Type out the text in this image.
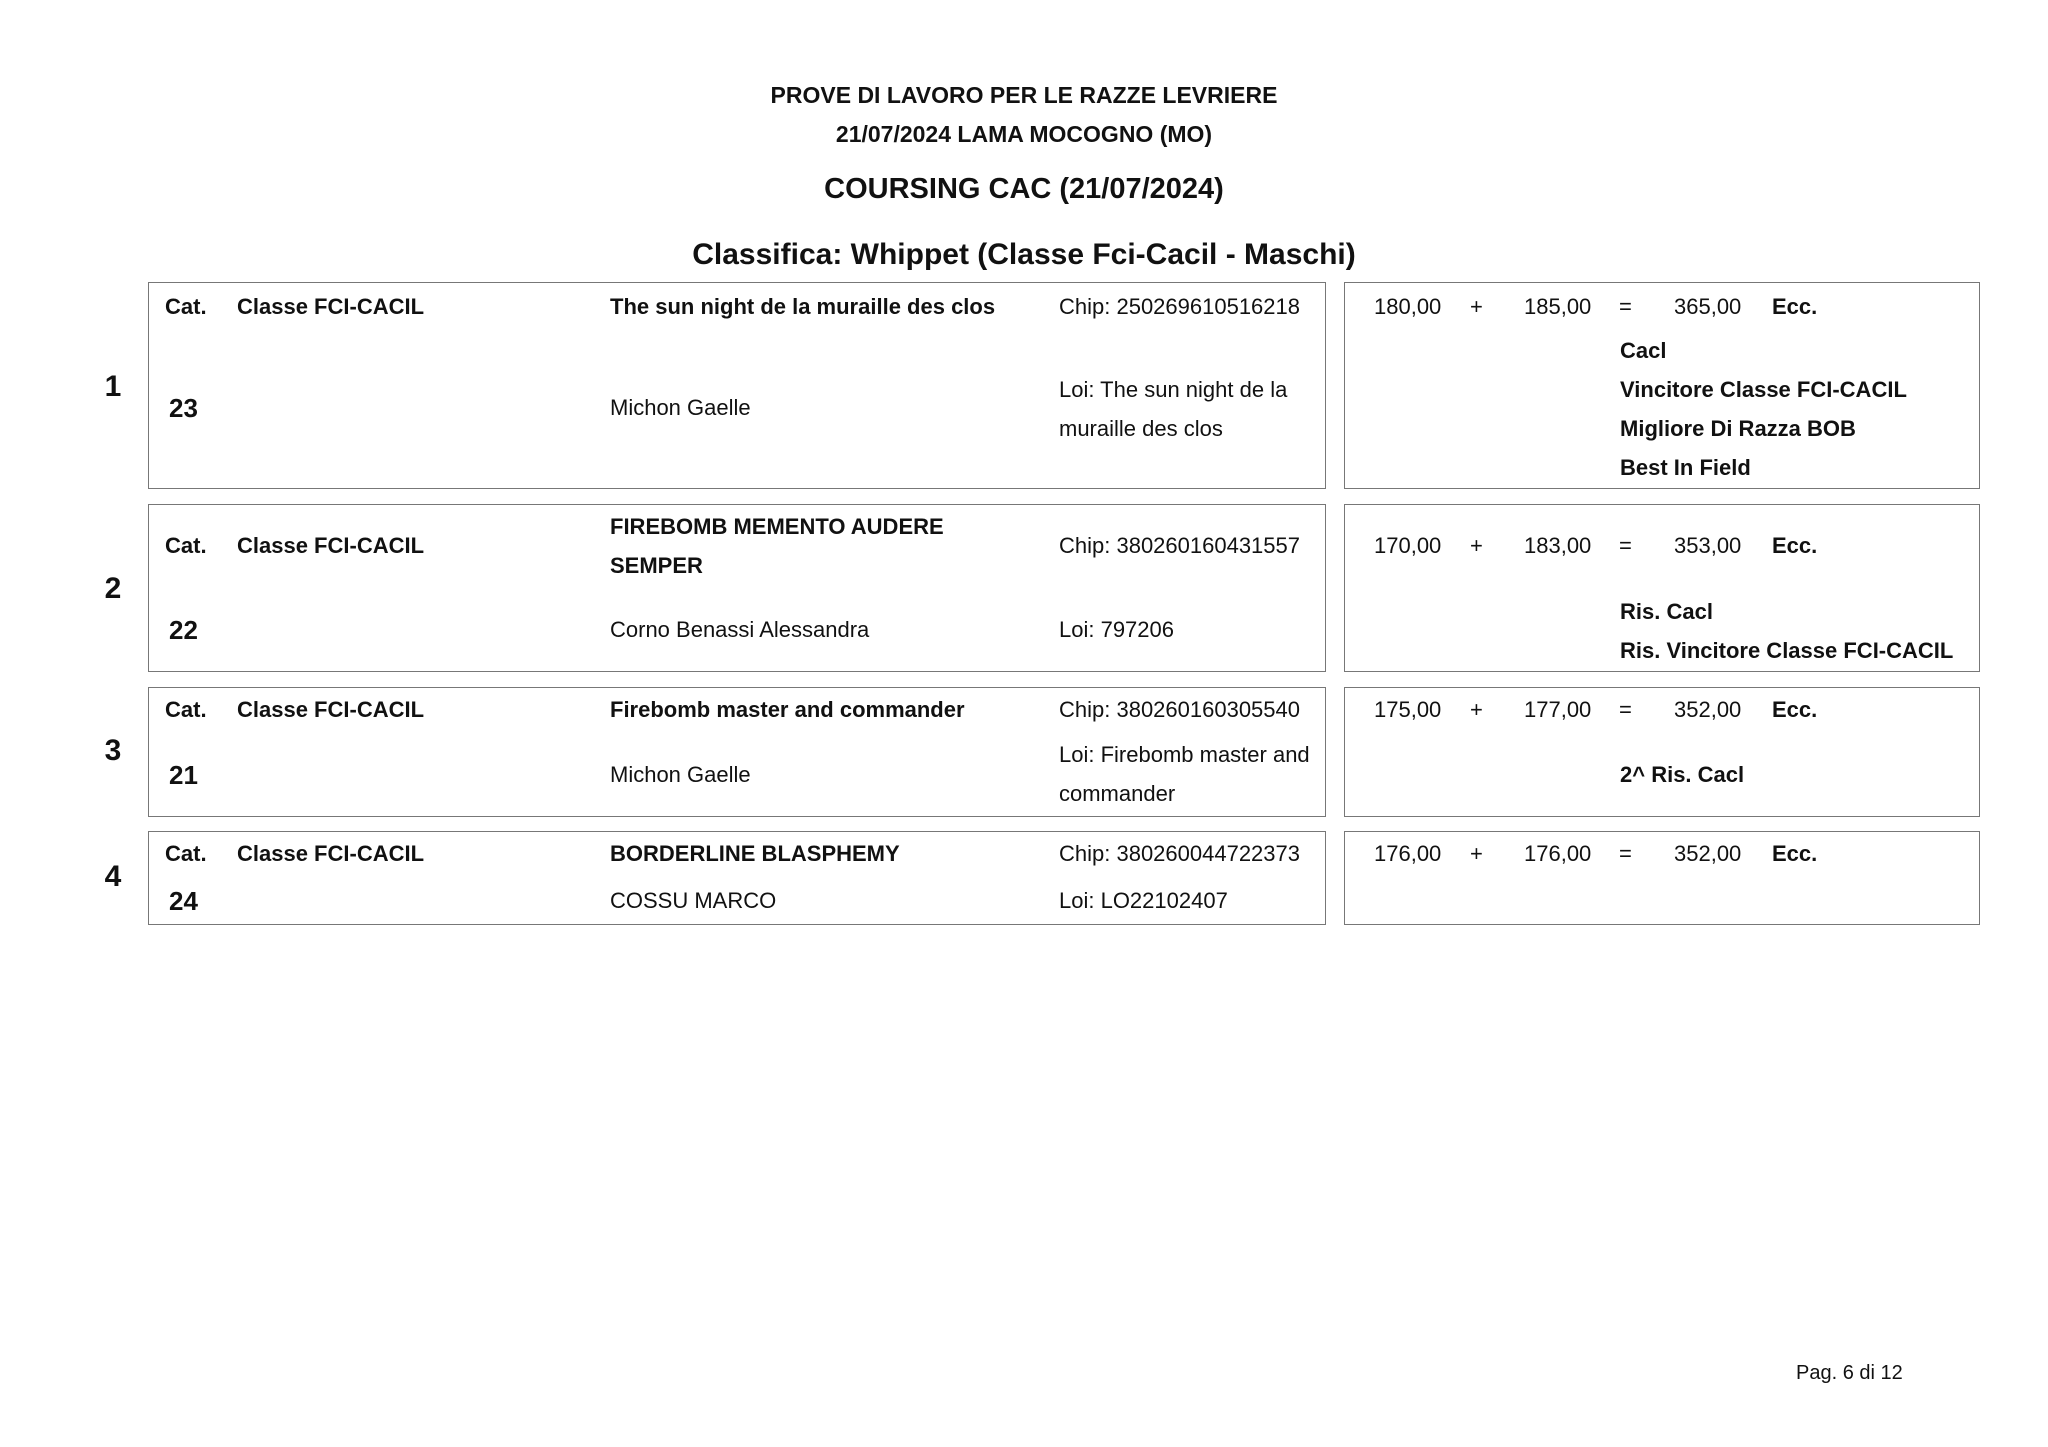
PROVE DI LAVORO PER LE RAZZE LEVRIERE
21/07/2024 LAMA MOCOGNO (MO)
COURSING CAC (21/07/2024)
Classifica: Whippet (Classe Fci-Cacil - Maschi)
1
Cat. Classe FCI-CACIL	The sun night de la muraille des clos	Chip: 250269610516218
23	Michon Gaelle
Loi: The sun night de la
muraille des clos
180,00 + 185,00 = 365,00 Ecc.
Cacl
Vincitore Classe FCI-CACIL
Migliore Di Razza BOB
Best In Field
2
Cat. Classe FCI-CACIL
FIREBOMB MEMENTO AUDERE
SEMPER
Chip: 380260160431557
22	Corno Benassi Alessandra	Loi: 797206
170,00 + 183,00 = 353,00 Ecc.
Ris. Cacl
Ris. Vincitore Classe FCI-CACIL
3
Cat. Classe FCI-CACIL	Firebomb master and commander	Chip: 380260160305540
21	Michon Gaelle
Loi: Firebomb master and
commander
175,00 + 177,00 = 352,00 Ecc.
2^ Ris. Cacl
4
Cat. Classe FCI-CACIL	BORDERLINE BLASPHEMY	Chip: 380260044722373
24	COSSU MARCO	Loi: LO22102407
176,00 + 176,00 = 352,00 Ecc.
Pag. 6 di 12
